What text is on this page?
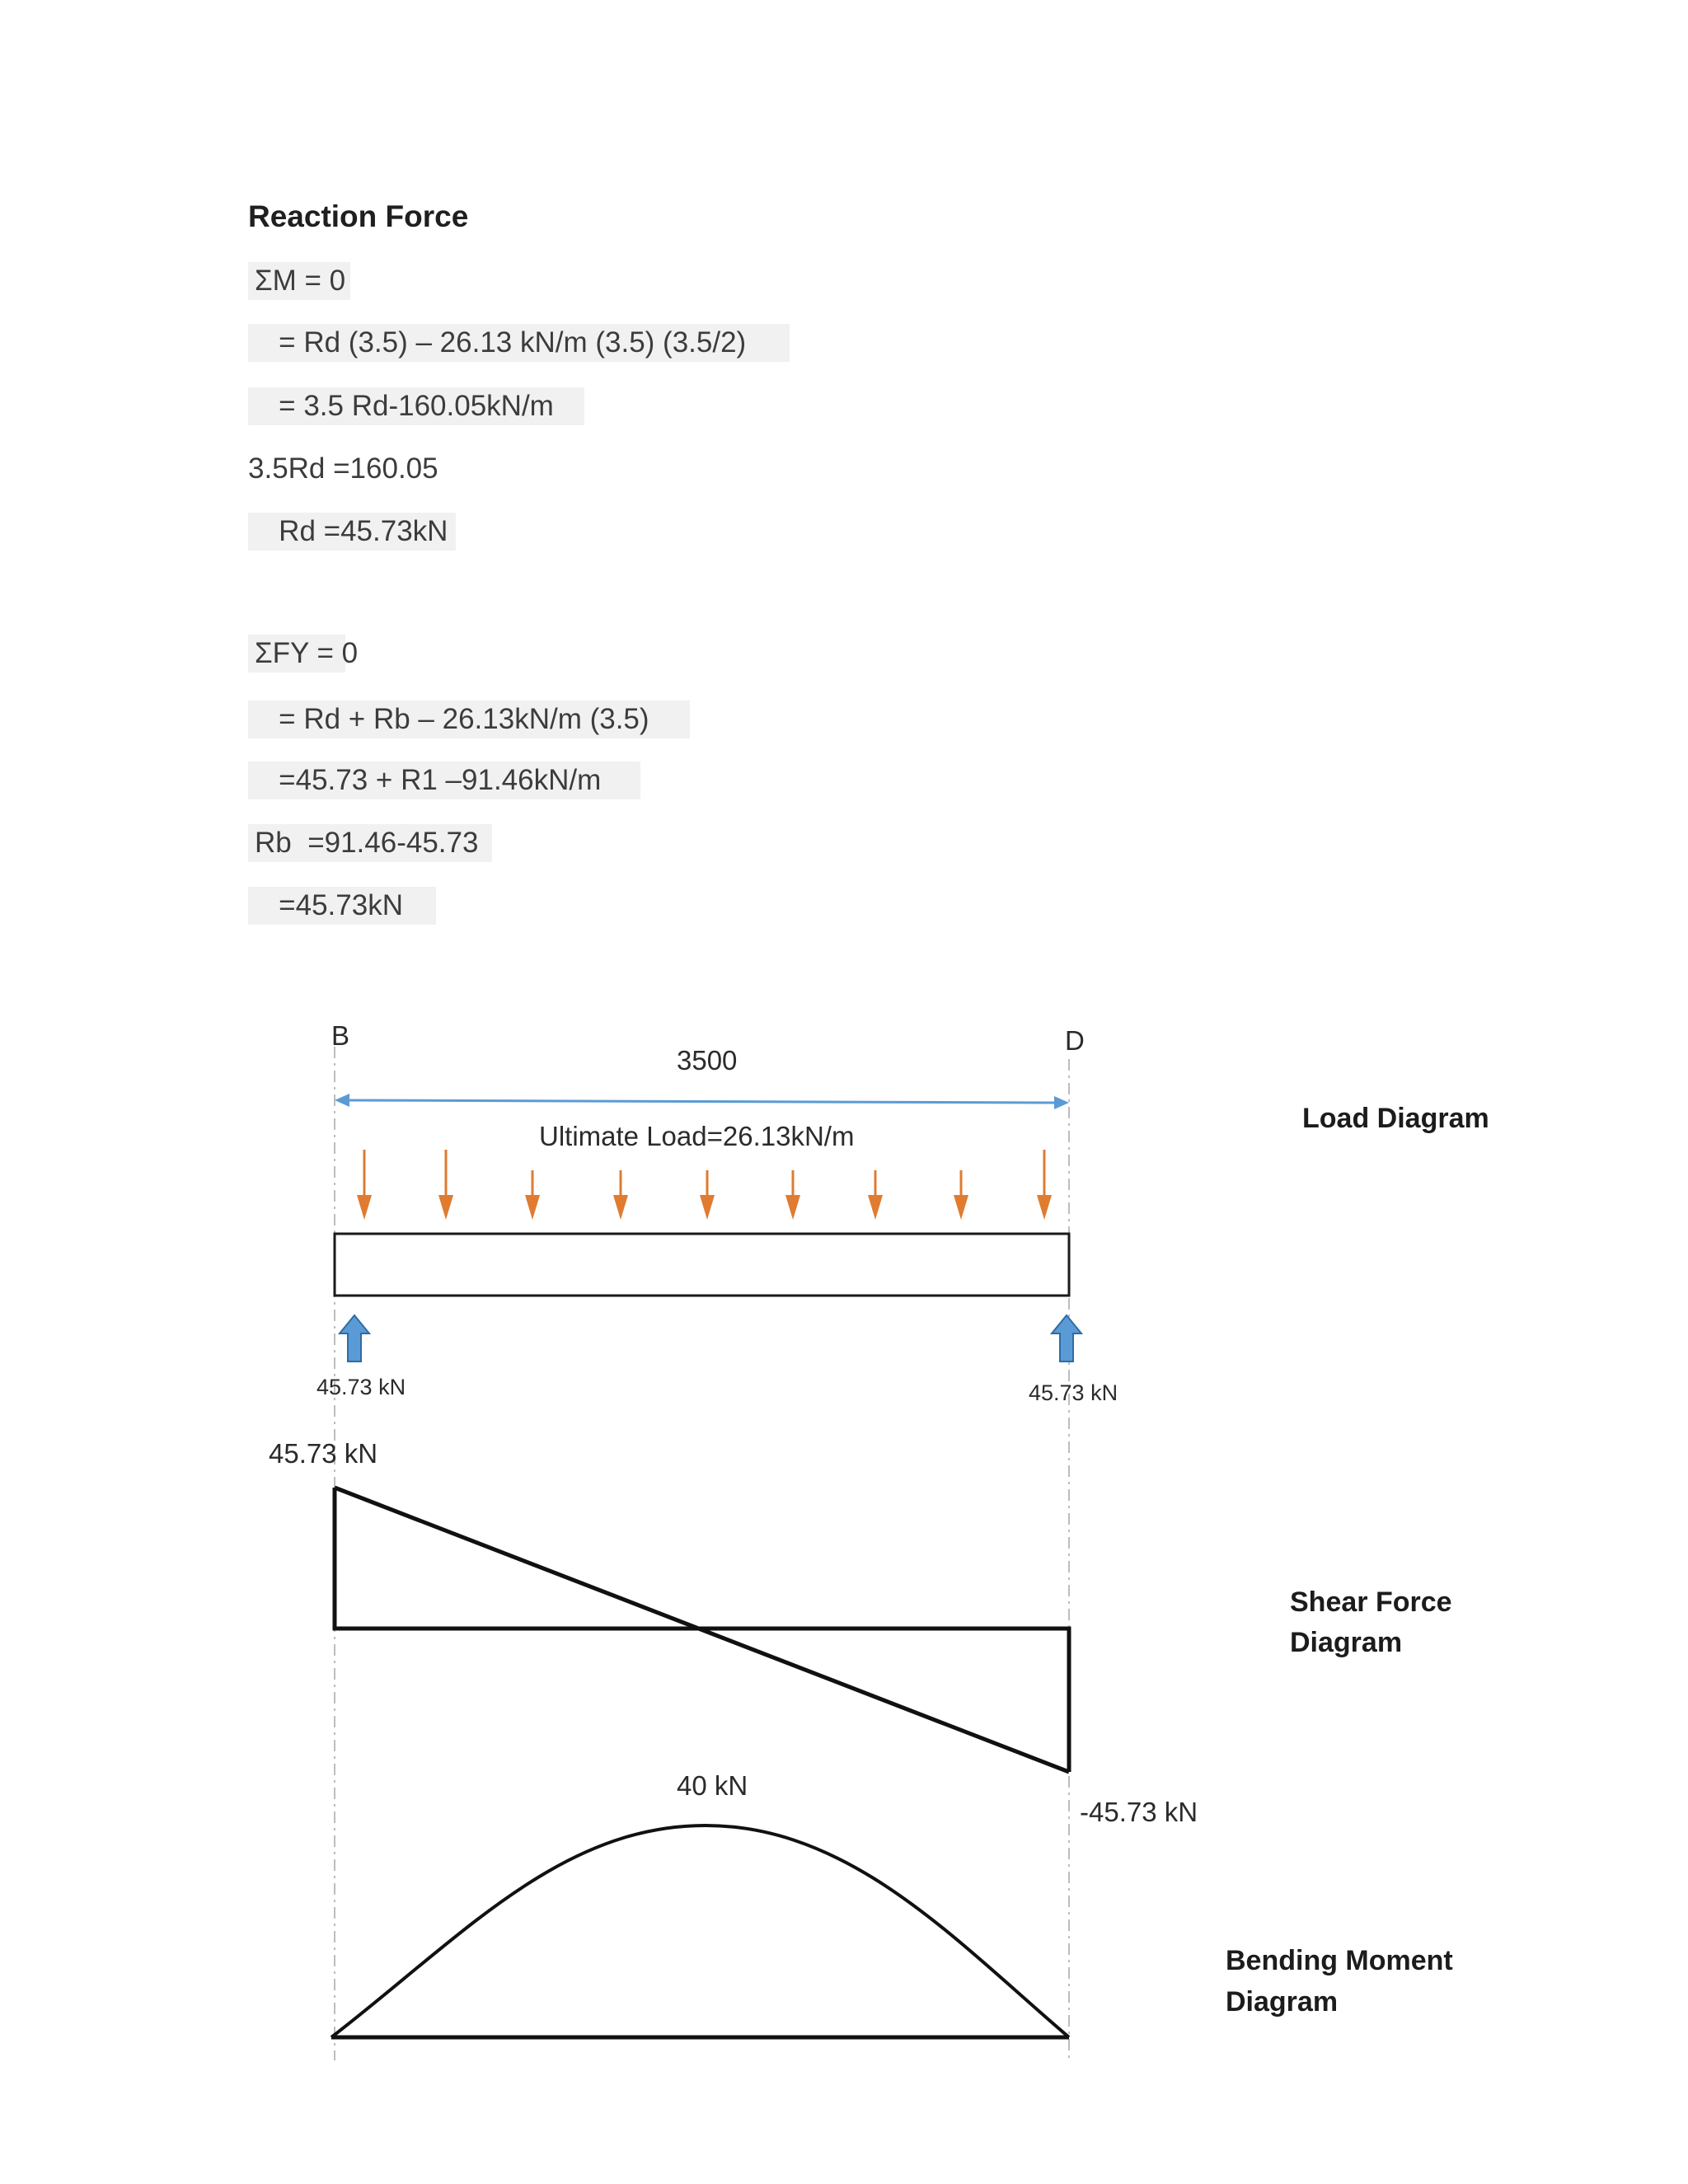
Reaction Force
ΣM = 0
= Rd (3.5) – 26.13 kN/m (3.5) (3.5/2)
= 3.5 Rd-160.05kN/m
3.5Rd =160.05
Rd =45.73kN
ΣFY = 0
= Rd + Rb – 26.13kN/m (3.5)
=45.73 + R1 –91.46kN/m
Rb  =91.46-45.73
=45.73kN
B	D
3500
Ultimate Load=26.13kN/m
45.73 kN	45.73 kN
Load Diagram
45.73 kN
-45.73 kN
Shear Force
Diagram
40 kN
Bending Moment
Diagram
